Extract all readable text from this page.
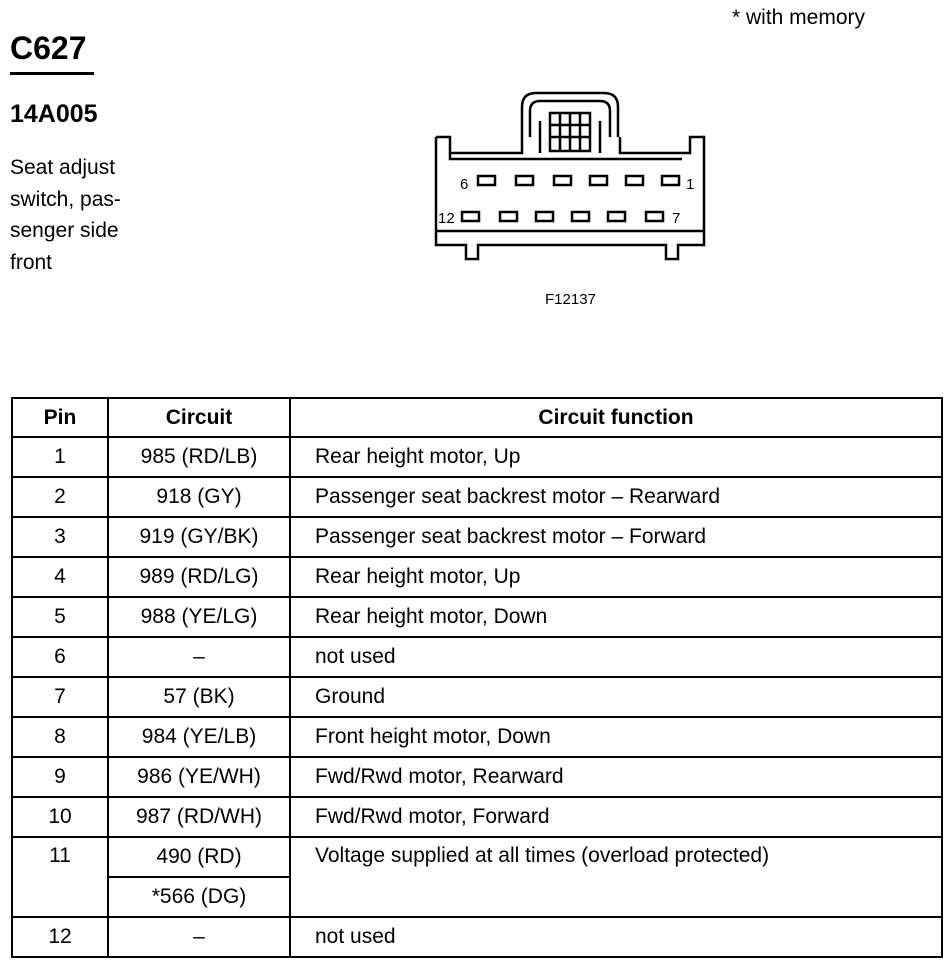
* with memory
C627
14A005
Seat adjust switch, pas-senger side front
6	1
12	7
F12137
Pin	Circuit	Circuit function
1	985 (RD/LB)	Rear height motor, Up
2	918 (GY)	Passenger seat backrest motor – Rearward
3	919 (GY/BK)	Passenger seat backrest motor – Forward
4	989 (RD/LG)	Rear height motor, Up
5	988 (YE/LG)	Rear height motor, Down
6	–	not used
7	57 (BK)	Ground
8	984 (YE/LB)	Front height motor, Down
9	986 (YE/WH)	Fwd/Rwd motor, Rearward
10	987 (RD/WH)	Fwd/Rwd motor, Forward
11	490 (RD)	Voltage supplied at all times (overload protected)
	*566 (DG)	
12	–	not used
